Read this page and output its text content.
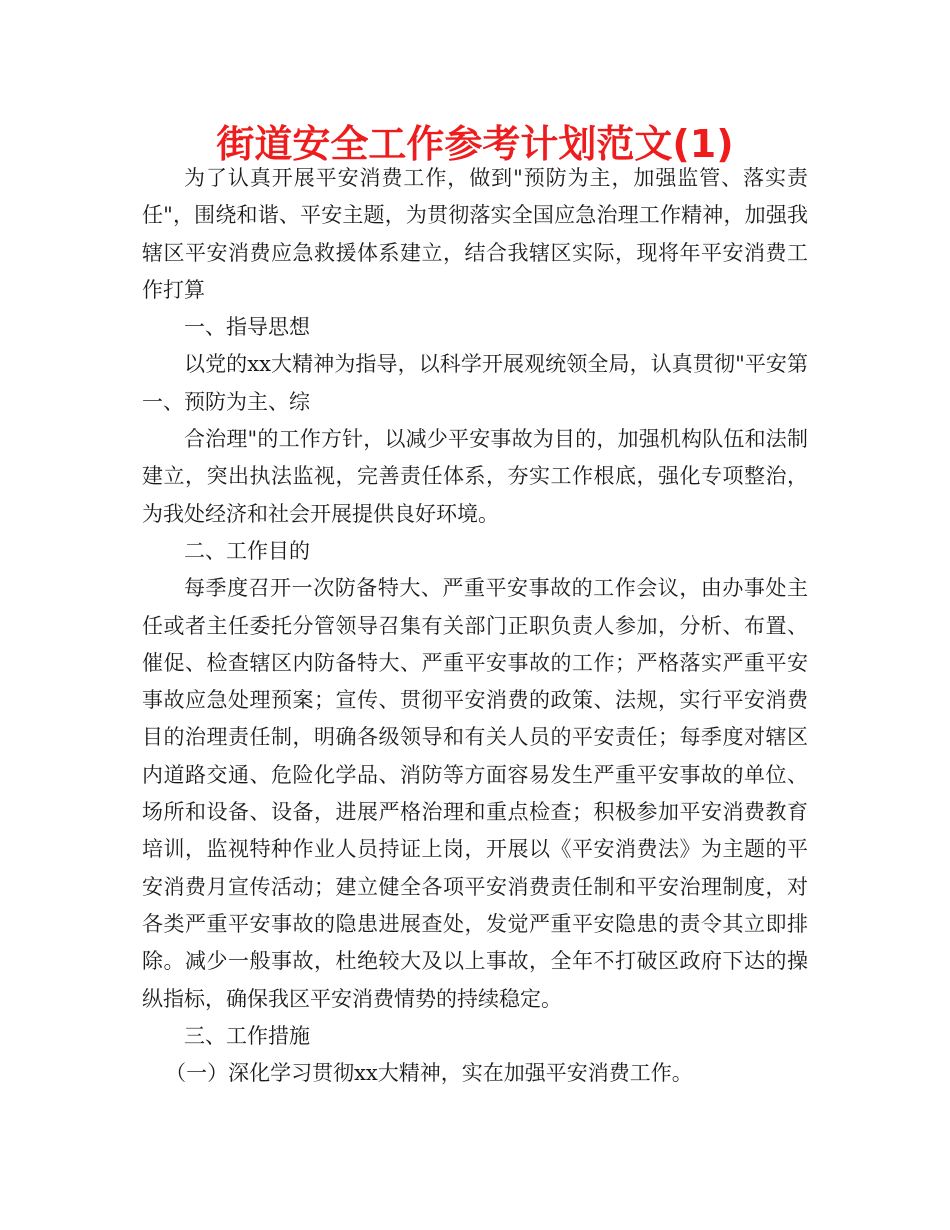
街道安全工作参考计划范文(1)

为了认真开展平安消费工作，做到"预防为主，加强监管、落实责任"，围绕和谐、平安主题，为贯彻落实全国应急治理工作精神，加强我辖区平安消费应急救援体系建立，结合我辖区实际，现将年平安消费工作打算

一、指导思想

以党的xx大精神为指导，以科学开展观统领全局，认真贯彻"平安第一、预防为主、综

合治理"的工作方针，以减少平安事故为目的，加强机构队伍和法制建立，突出执法监视，完善责任体系，夯实工作根底，强化专项整治，为我处经济和社会开展提供良好环境。

二、工作目的

每季度召开一次防备特大、严重平安事故的工作会议，由办事处主任或者主任委托分管领导召集有关部门正职负责人参加，分析、布置、催促、检查辖区内防备特大、严重平安事故的工作；严格落实严重平安事故应急处理预案；宣传、贯彻平安消费的政策、法规，实行平安消费目的治理责任制，明确各级领导和有关人员的平安责任；每季度对辖区内道路交通、危险化学品、消防等方面容易发生严重平安事故的单位、场所和设备、设备，进展严格治理和重点检查；积极参加平安消费教育培训，监视特种作业人员持证上岗，开展以《平安消费法》为主题的平安消费月宣传活动；建立健全各项平安消费责任制和平安治理制度，对各类严重平安事故的隐患进展查处，发觉严重平安隐患的责令其立即排除。减少一般事故，杜绝较大及以上事故，全年不打破区政府下达的操纵指标，确保我区平安消费情势的持续稳定。

三、工作措施

（一）深化学习贯彻xx大精神，实在加强平安消费工作。
